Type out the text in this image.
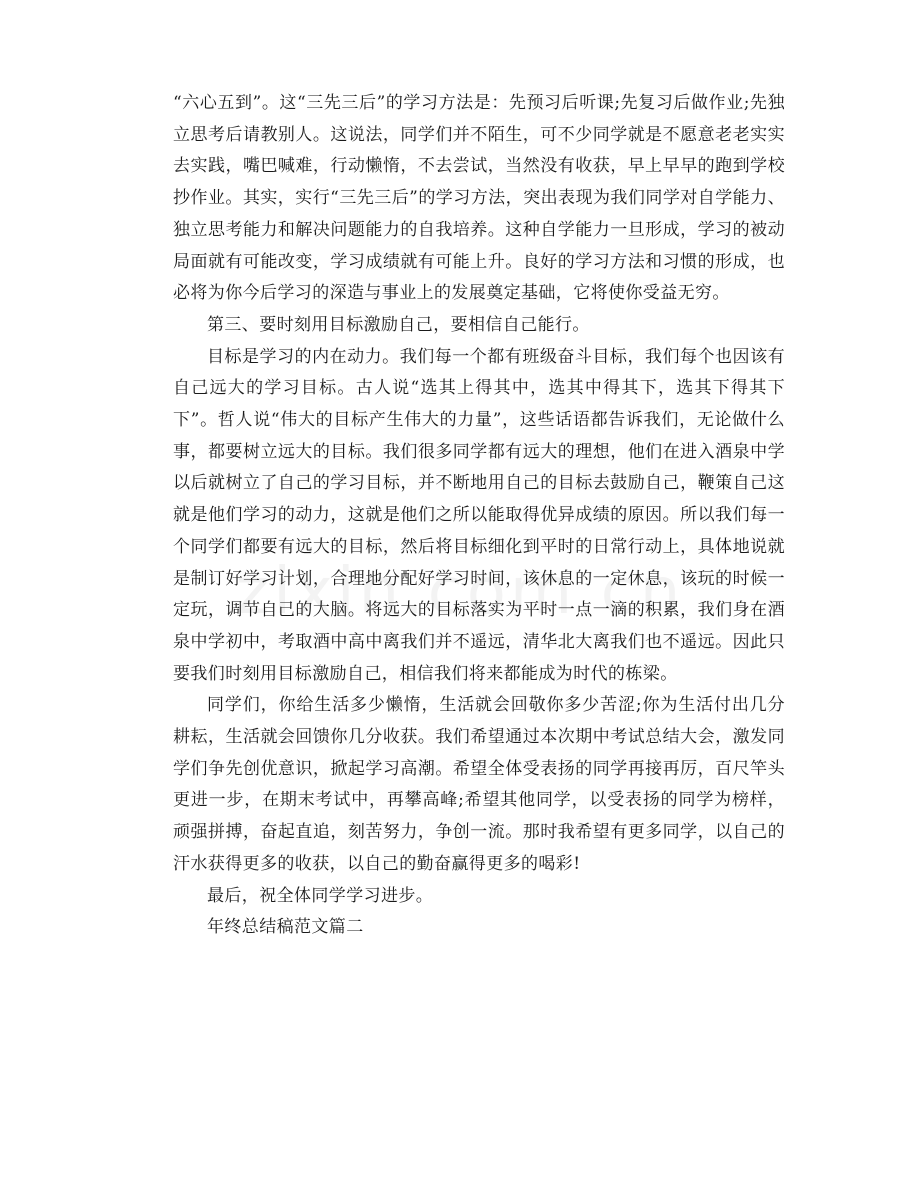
“六心五到”。这“三先三后”的学习方法是：先预习后听课;先复习后做作业;先独立思考后请教别人。这说法，同学们并不陌生，可不少同学就是不愿意老老实实去实践，嘴巴喊难，行动懒惰，不去尝试，当然没有收获，早上早早的跑到学校抄作业。其实，实行“三先三后”的学习方法，突出表现为我们同学对自学能力、独立思考能力和解决问题能力的自我培养。这种自学能力一旦形成，学习的被动局面就有可能改变，学习成绩就有可能上升。良好的学习方法和习惯的形成，也必将为你今后学习的深造与事业上的发展奠定基础，它将使你受益无穷。

第三、要时刻用目标激励自己，要相信自己能行。

目标是学习的内在动力。我们每一个都有班级奋斗目标，我们每个也因该有自己远大的学习目标。古人说“选其上得其中，选其中得其下，选其下得其下下”。哲人说“伟大的目标产生伟大的力量”，这些话语都告诉我们，无论做什么事，都要树立远大的目标。我们很多同学都有远大的理想，他们在进入酒泉中学以后就树立了自己的学习目标，并不断地用自己的目标去鼓励自己，鞭策自己这就是他们学习的动力，这就是他们之所以能取得优异成绩的原因。所以我们每一个同学们都要有远大的目标，然后将目标细化到平时的日常行动上，具体地说就是制订好学习计划，合理地分配好学习时间，该休息的一定休息，该玩的时候一定玩，调节自己的大脑。将远大的目标落实为平时一点一滴的积累，我们身在酒泉中学初中，考取酒中高中离我们并不遥远，清华北大离我们也不遥远。因此只要我们时刻用目标激励自己，相信我们将来都能成为时代的栋梁。

同学们，你给生活多少懒惰，生活就会回敬你多少苦涩;你为生活付出几分耕耘，生活就会回馈你几分收获。我们希望通过本次期中考试总结大会，激发同学们争先创优意识，掀起学习高潮。希望全体受表扬的同学再接再厉，百尺竿头更进一步，在期末考试中，再攀高峰;希望其他同学，以受表扬的同学为榜样，顽强拼搏，奋起直追，刻苦努力，争创一流。那时我希望有更多同学，以自己的汗水获得更多的收获，以自己的勤奋赢得更多的喝彩!

最后，祝全体同学学习进步。

年终总结稿范文篇二
